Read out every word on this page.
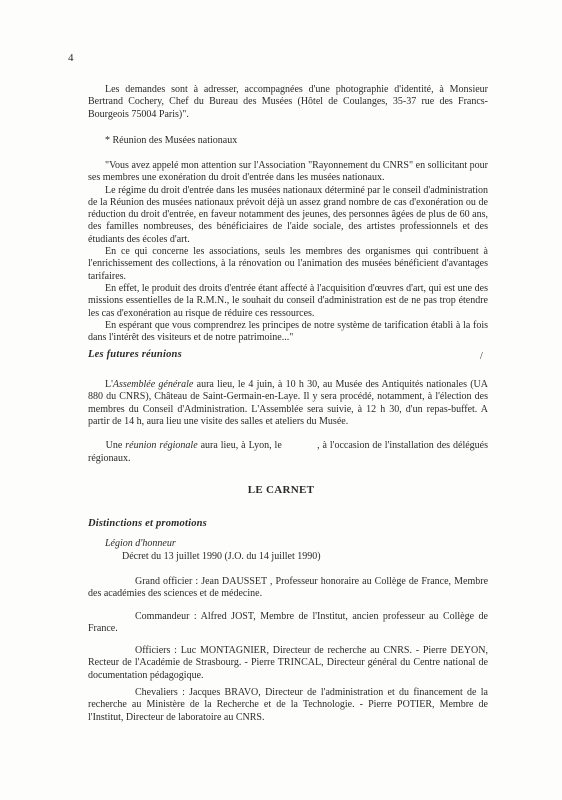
4

Les demandes sont à adresser, accompagnées d'une photographie d'identité, à Monsieur Bertrand Cochery, Chef du Bureau des Musées (Hôtel de Coulanges, 35-37 rue des Francs-Bourgeois 75004 Paris)".

* Réunion des Musées nationaux

"Vous avez appelé mon attention sur l'Association "Rayonnement du CNRS" en sollicitant pour ses membres une exonération du droit d'entrée dans les musées nationaux.

Le régime du droit d'entrée dans les musées nationaux déterminé par le conseil d'administration de la Réunion des musées nationaux prévoit déjà un assez grand nombre de cas d'exonération ou de réduction du droit d'entrée, en faveur notamment des jeunes, des personnes âgées de plus de 60 ans, des familles nombreuses, des bénéficiaires de l'aide sociale, des artistes professionnels et des étudiants des écoles d'art.

En ce qui concerne les associations, seuls les membres des organismes qui contribuent à l'enrichissement des collections, à la rénovation ou l'animation des musées bénéficient d'avantages tarifaires.

En effet, le produit des droits d'entrée étant affecté à l'acquisition d'œuvres d'art, qui est une des missions essentielles de la R.M.N., le souhait du conseil d'administration est de ne pas trop étendre les cas d'exonération au risque de réduire ces ressources.

En espérant que vous comprendrez les principes de notre système de tarification établi à la fois dans l'intérêt des visiteurs et de notre patrimoine..."

Les futures réunions	/

L'Assemblée générale aura lieu, le 4 juin, à 10 h 30, au Musée des Antiquités nationales (UA 880 du CNRS), Château de Saint-Germain-en-Laye. Il y sera procédé, notamment, à l'élection des membres du Conseil d'Administration. L'Assemblée sera suivie, à 12 h 30, d'un repas-buffet. A partir de 14 h, aura lieu une visite des salles et ateliers du Musée.

Une réunion régionale aura lieu, à Lyon, le            , à l'occasion de l'installation des délégués régionaux.

LE CARNET
Distinctions et promotions
Légion d'honneur
Décret du 13 juillet 1990 (J.O. du 14 juillet 1990)

Grand officier : Jean DAUSSET , Professeur honoraire au Collège de France, Membre des académies des sciences et de médecine.

Commandeur : Alfred JOST, Membre de l'Institut, ancien professeur au Collège de France.

Officiers : Luc MONTAGNIER, Directeur de recherche au CNRS. - Pierre DEYON, Recteur de l'Académie de Strasbourg. - Pierre TRINCAL, Directeur général du Centre national de documentation pédagogique.

Chevaliers : Jacques BRAVO, Directeur de l'administration et du financement de la recherche au Ministère de la Recherche et de la Technologie. - Pierre POTIER, Membre de l'Institut, Directeur de laboratoire au CNRS.
